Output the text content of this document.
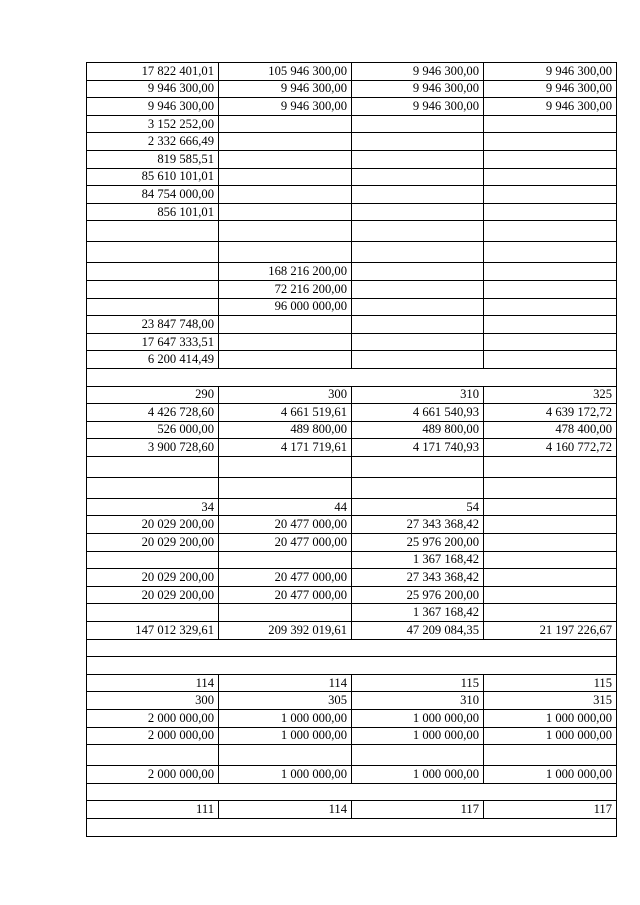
17 822 401,01	105 946 300,00	9 946 300,00	9 946 300,00
9 946 300,00	9 946 300,00	9 946 300,00	9 946 300,00
9 946 300,00	9 946 300,00	9 946 300,00	9 946 300,00
3 152 252,00			
2 332 666,49			
819 585,51			
85 610 101,01			
84 754 000,00			
856 101,01			

	168 216 200,00		
	72 216 200,00		
	96 000 000,00		
23 847 748,00			
17 647 333,51			
6 200 414,49			

290	300	310	325
4 426 728,60	4 661 519,61	4 661 540,93	4 639 172,72
526 000,00	489 800,00	489 800,00	478 400,00
3 900 728,60	4 171 719,61	4 171 740,93	4 160 772,72

34	44	54	
20 029 200,00	20 477 000,00	27 343 368,42	
20 029 200,00	20 477 000,00	25 976 200,00	
		1 367 168,42	
20 029 200,00	20 477 000,00	27 343 368,42	
20 029 200,00	20 477 000,00	25 976 200,00	
		1 367 168,42	
147 012 329,61	209 392 019,61	47 209 084,35	21 197 226,67

114	114	115	115
300	305	310	315
2 000 000,00	1 000 000,00	1 000 000,00	1 000 000,00
2 000 000,00	1 000 000,00	1 000 000,00	1 000 000,00

2 000 000,00	1 000 000,00	1 000 000,00	1 000 000,00

111	114	117	117
